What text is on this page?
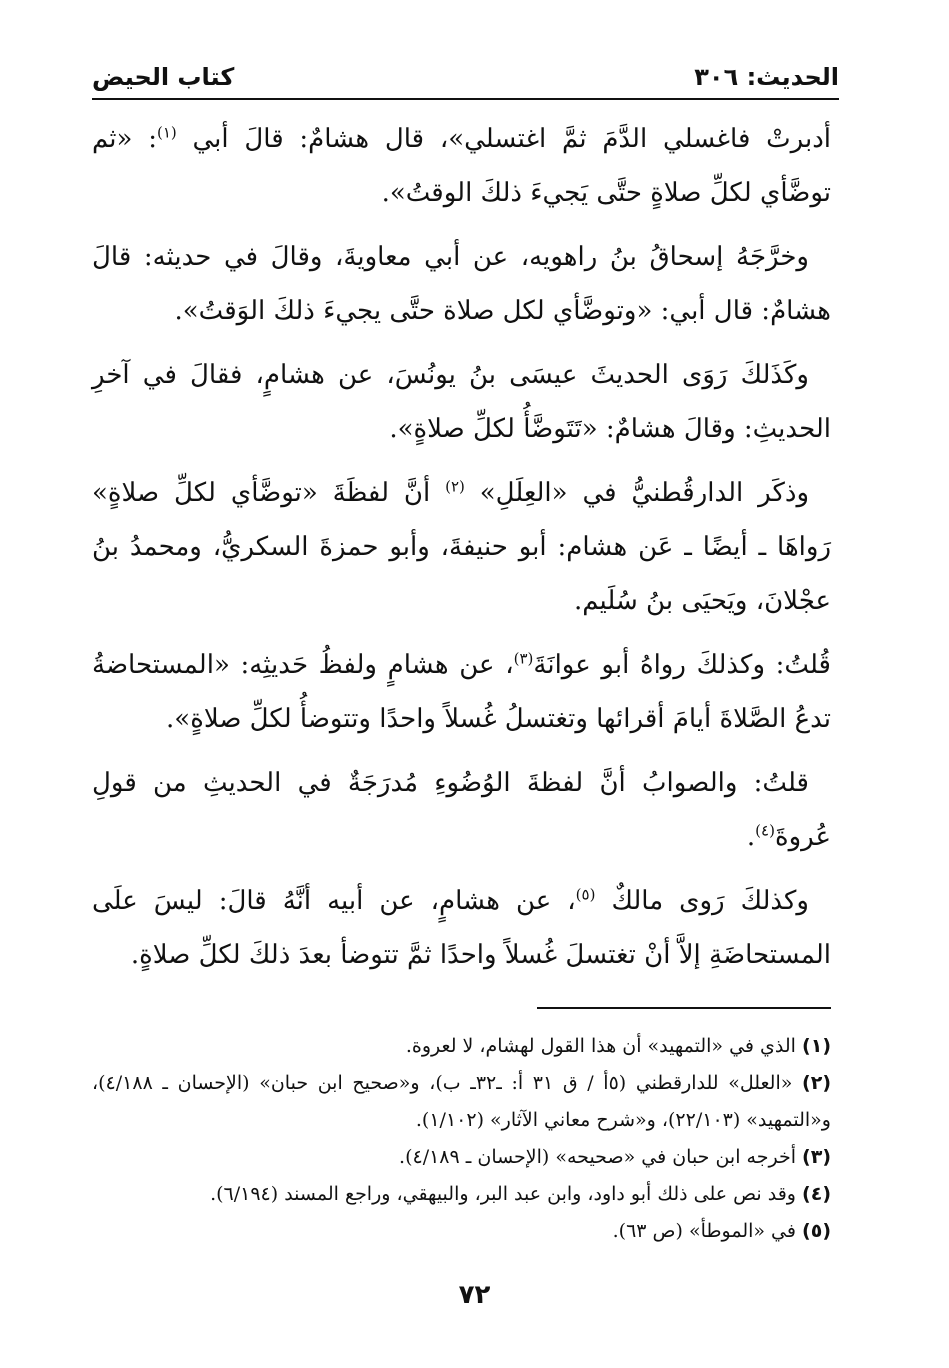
الحديث: ٣٠٦
كتاب الحيض

أدبرتْ فاغسلي الدَّمَ ثمَّ اغتسلي»، قال هشامٌ: قالَ أبي $^{(١)}$: «ثم توضَّأي لكلِّ صلاةٍ حتَّى يَجيءَ ذلكَ الوقتُ».

وخرَّجَهُ إسحاقُ بنُ راهويه، عن أبي معاويةَ، وقالَ في حديثه: قالَ هشامٌ: قال أبي: «وتوضَّأي لكل صلاة حتَّى يجيءَ ذلكَ الوَقتُ».

وكَذَلكَ رَوَى الحديثَ عيسَى بنُ يونُسَ، عن هشامٍ، فقالَ في آخرِ الحديثِ: وقالَ هشامٌ: «تَتَوضَّأُ لكلِّ صلاةٍ».

وذكَر الدارقُطنيُّ في «العِلَلِ» $^{(٢)}$ أنَّ لفظَةَ «توضَّأي لكلِّ صلاةٍ» رَواهَا ـ أيضًا ـ عَن هشام: أبو حنيفةَ، وأبو حمزةَ السكريُّ، ومحمدُ بنُ عجْلانَ، ويَحيَى بنُ سُلَيم.

قُلتُ: وكذلكَ رواهُ أبو عوانَةَ$^{(٣)}$، عن هشامٍ ولفظُ حَديثِه: «المستحاضةُ تدعُ الصَّلاةَ أيامَ أقرائها وتغتسلُ غُسلاً واحدًا وتتوضأُ لكلِّ صلاةٍ».

قلتُ: والصوابُ أنَّ لفظةَ الوُضُوءِ مُدرَجَةٌ في الحديثِ من قولِ عُروةَ$^{(٤)}$.

وكذلكَ رَوى مالكٌ $^{(٥)}$، عن هشامٍ، عن أبيه أنَّهُ قالَ: ليسَ علَى المستحاضَةِ إلاَّ أنْ تغتسلَ غُسلاً واحدًا ثمَّ تتوضأ بعدَ ذلكَ لكلِّ صلاةٍ.

(١) الذي في «التمهيد» أن هذا القول لهشام، لا لعروة.

(٢) «العلل» للدارقطني (٥أ / ق ٣١ أ: ـ٣٢ـ ب)، و«صحيح ابن حبان» (الإحسان ـ ٤/١٨٨)، و«التمهيد» (٢٢/١٠٣)، و«شرح معاني الآثار» (١/١٠٢).

(٣) أخرجه ابن حبان في «صحيحه» (الإحسان ـ ٤/١٨٩).

(٤) وقد نص على ذلك أبو داود، وابن عبد البر، والبيهقي، وراجع المسند (٦/١٩٤).

(٥) في «الموطأ» (ص ٦٣).

٧٢
